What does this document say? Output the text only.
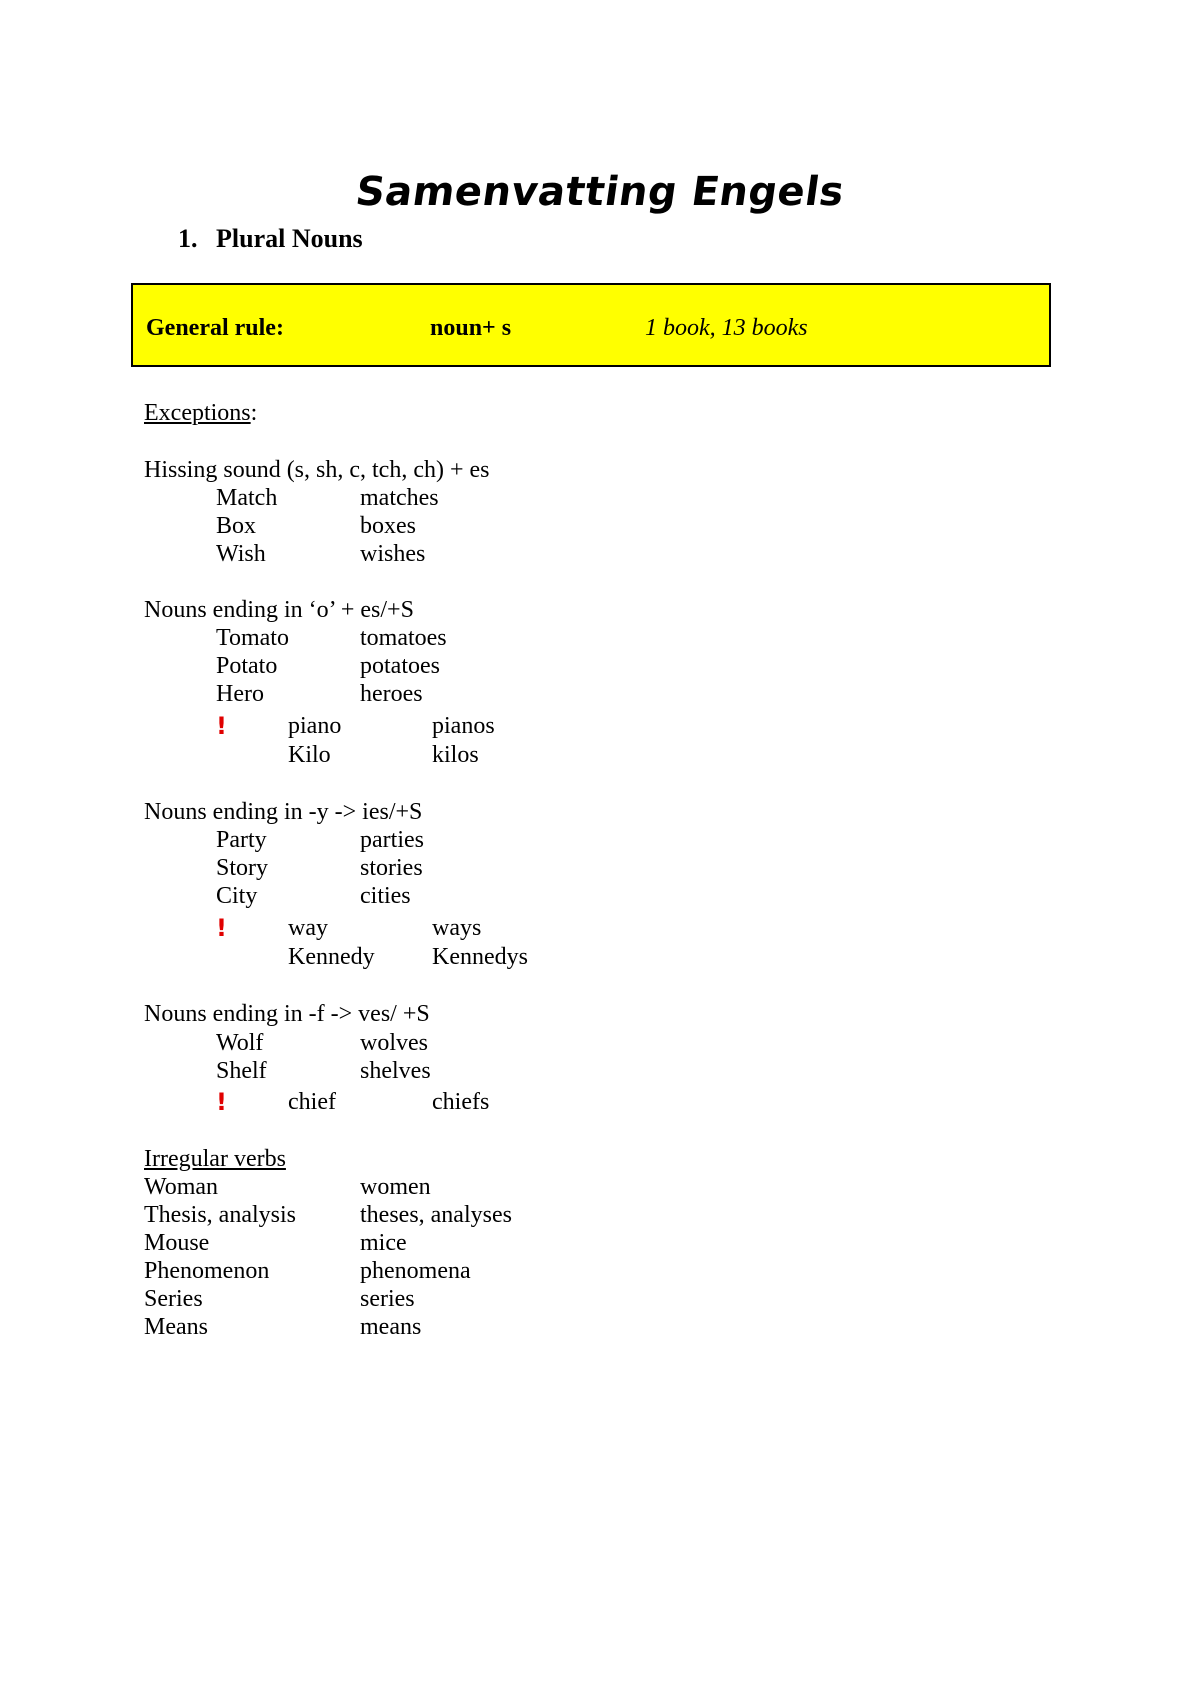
Samenvatting Engels
1. Plural Nouns
General rule:	noun+ s	1 book, 13 books
Exceptions:
Hissing sound (s, sh, c, tch, ch) + es
Match	matches
Box	boxes
Wish	wishes
Nouns ending in ‘o’ + es/+S
Tomato	tomatoes
Potato	potatoes
Hero	heroes
!	piano	pianos
Kilo	kilos
Nouns ending in -y -> ies/+S
Party	parties
Story	stories
City	cities
!	way	ways
Kennedy Kennedys
Nouns ending in -f -> ves/ +S
Wolf	wolves
Shelf	shelves
!	chief	chiefs
Irregular verbs
Woman	women
Thesis, analysis	theses, analyses
Mouse	mice
Phenomenon	phenomena
Series	series
Means	means
